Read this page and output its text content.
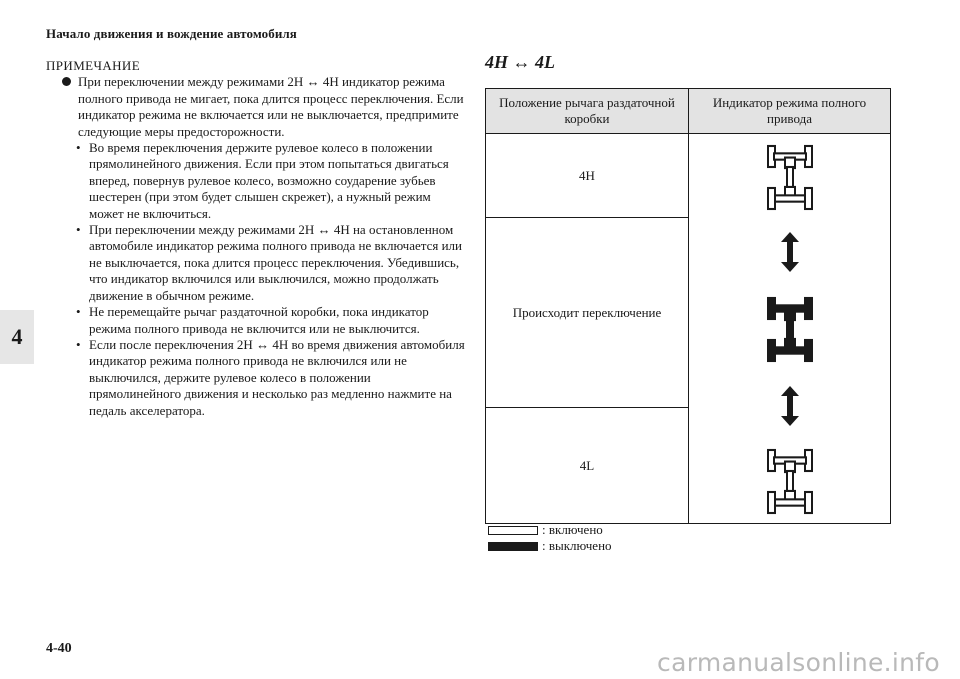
Начало движения и вождение автомобиля
4
4-40
ПРИМЕЧАНИЕ
При переключении между режимами 2H ↔ 4H индикатор режима полного привода не мигает, пока длится процесс переключения. Если индикатор режима не включается или не выключается, предпримите следующие меры предосторожности.
• Во время переключения держите рулевое колесо в положении прямолинейного движения. Если при этом попытаться двигаться вперед, повернув рулевое колесо, возможно соударение зубьев шестерен (при этом будет слышен скрежет), а нужный режим может не включиться.
• При переключении между режимами 2H ↔ 4H на остановленном автомобиле индикатор режима полного привода не включается или не выключается, пока длится процесс переключения. Убедившись, что индикатор включился или выключился, можно продолжать движение в обычном режиме.
• Не перемещайте рычаг раздаточной коробки, пока индикатор режима полного привода не включится или не выключится.
• Если после переключения 2H ↔ 4H во время движения автомобиля индикатор режима полного привода не включился или не выключился, держите рулевое колесо в положении прямолинейного движения и несколько раз медленно нажмите на педаль акселератора.
4H ↔ 4L
Положение рычага раздаточной коробки	Индикатор режима полного привода
4H	

Происходит переключение	
4L	
: включено
: выключено
carmanualsonline.info
